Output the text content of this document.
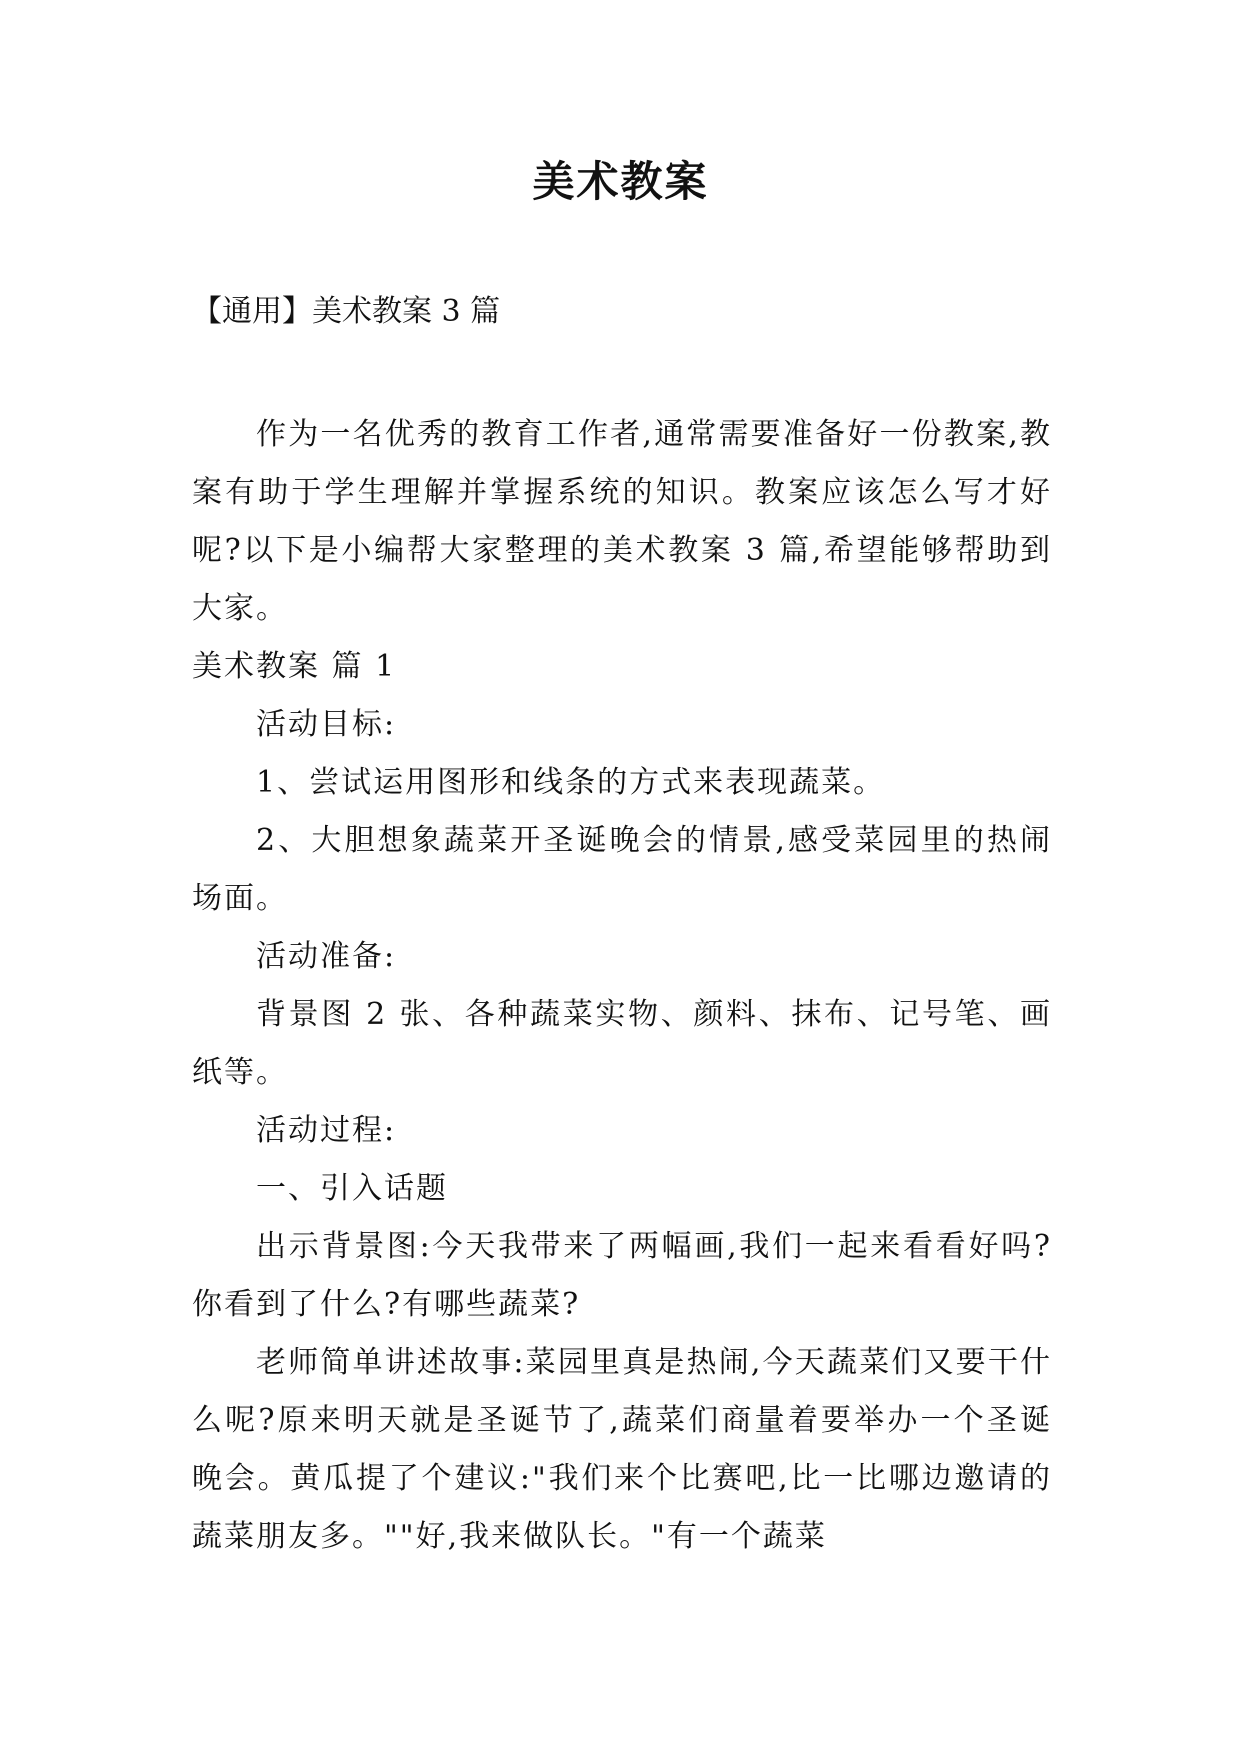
美术教案
【通用】美术教案 3 篇

作为一名优秀的教育工作者,通常需要准备好一份教案,教案有助于学生理解并掌握系统的知识。教案应该怎么写才好呢?以下是小编帮大家整理的美术教案 3 篇,希望能够帮助到大家。

美术教案 篇 1

活动目标:

1、尝试运用图形和线条的方式来表现蔬菜。

2、大胆想象蔬菜开圣诞晚会的情景,感受菜园里的热闹场面。

活动准备:

背景图 2 张、各种蔬菜实物、颜料、抹布、记号笔、画纸等。

活动过程:

一、引入话题

出示背景图:今天我带来了两幅画,我们一起来看看好吗?你看到了什么?有哪些蔬菜?

老师简单讲述故事:菜园里真是热闹,今天蔬菜们又要干什么呢?原来明天就是圣诞节了,蔬菜们商量着要举办一个圣诞晚会。黄瓜提了个建议:"我们来个比赛吧,比一比哪边邀请的蔬菜朋友多。""好,我来做队长。"有一个蔬菜
